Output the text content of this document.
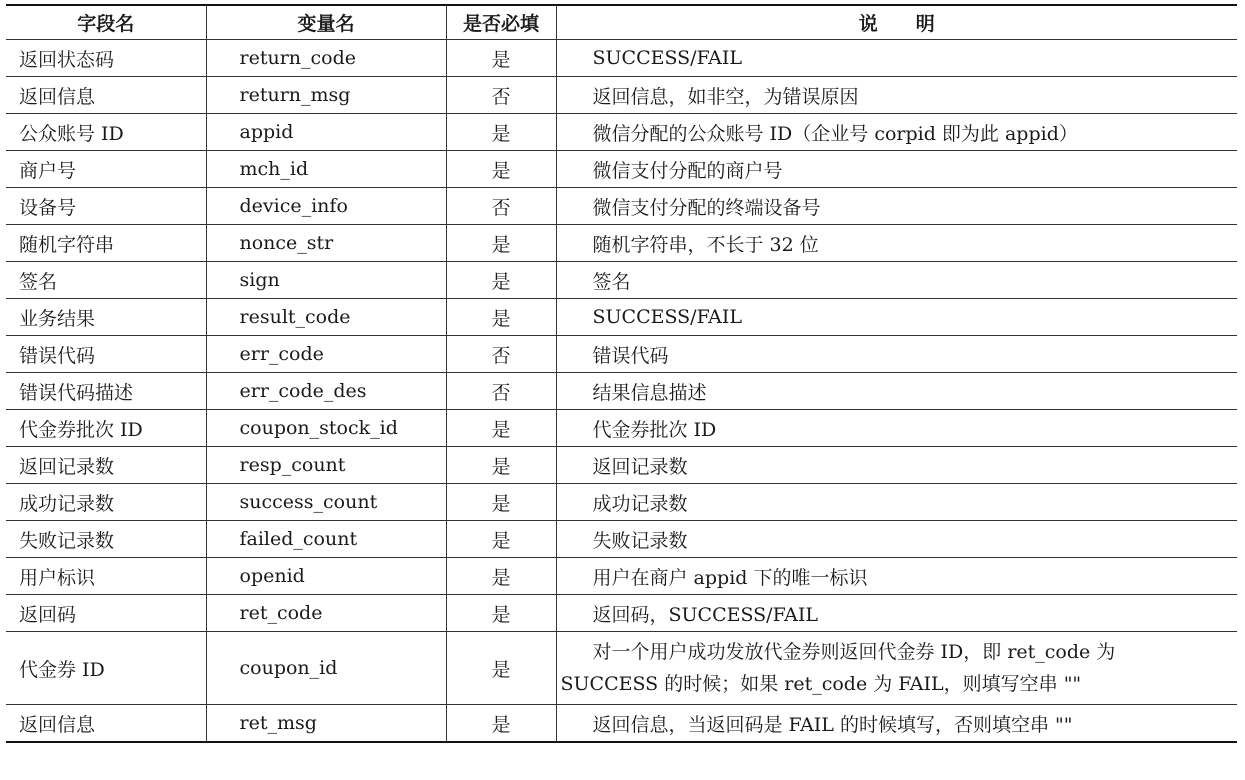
字段名	变量名	是否必填	说　　明
返回状态码	return_code	是	SUCCESS/FAIL
返回信息	return_msg	否	返回信息，如非空，为错误原因
公众账号 ID	appid	是	微信分配的公众账号 ID（企业号 corpid 即为此 appid）
商户号	mch_id	是	微信支付分配的商户号
设备号	device_info	否	微信支付分配的终端设备号
随机字符串	nonce_str	是	随机字符串，不长于 32 位
签名	sign	是	签名
业务结果	result_code	是	SUCCESS/FAIL
错误代码	err_code	否	错误代码
错误代码描述	err_code_des	否	结果信息描述
代金券批次 ID	coupon_stock_id	是	代金券批次 ID
返回记录数	resp_count	是	返回记录数
成功记录数	success_count	是	成功记录数
失败记录数	failed_count	是	失败记录数
用户标识	openid	是	用户在商户 appid 下的唯一标识
返回码	ret_code	是	返回码，SUCCESS/FAIL
代金券 ID	coupon_id	是	对一个用户成功发放代金券则返回代金券 ID，即 ret_code 为
SUCCESS 的时候；如果 ret_code 为 FAIL，则填写空串 ""

返回信息	ret_msg	是	返回信息，当返回码是 FAIL 的时候填写，否则填空串 ""
